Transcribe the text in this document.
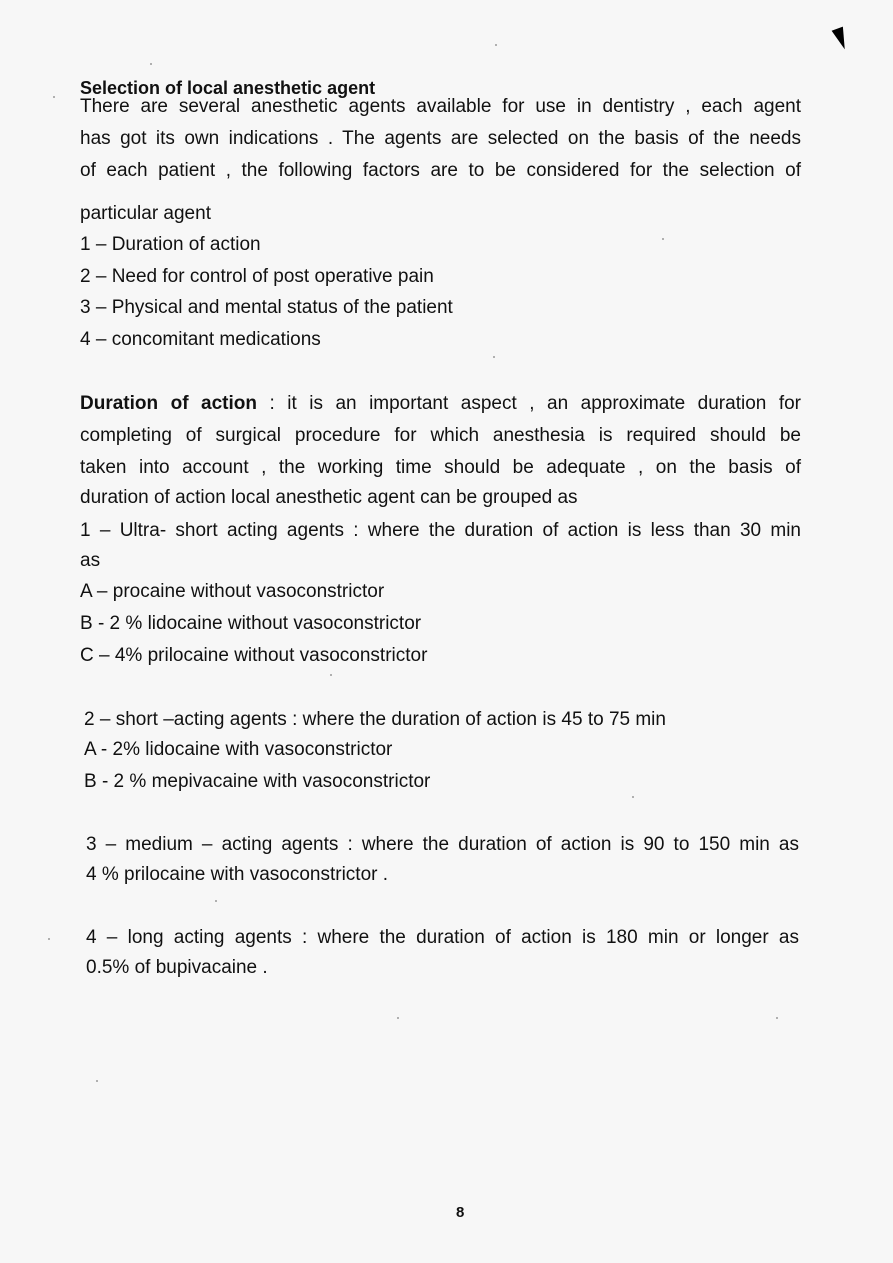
Selection of local anesthetic agent
There are several anesthetic agents available for use in dentistry , each agent
has got its own indications . The agents are selected on the basis of the needs
of each patient , the following factors are to be considered for the selection of
particular agent
1 – Duration of action
2 – Need for control of post operative pain
3 – Physical and mental status of the patient
4 – concomitant medications
Duration of action : it is an important aspect , an approximate duration for
completing of surgical procedure for which anesthesia is required should be
taken into account , the working time should be adequate , on the basis of
duration of action local anesthetic agent can be grouped as
1 – Ultra- short acting agents : where the duration of action is less than 30 min
as
A – procaine without vasoconstrictor
B - 2 % lidocaine without vasoconstrictor
C – 4% prilocaine without vasoconstrictor
2 – short –acting agents : where the duration of action is 45 to 75 min
A - 2% lidocaine with vasoconstrictor
B - 2 % mepivacaine with vasoconstrictor
3 – medium – acting agents : where the duration of action is 90 to 150 min as
4 % prilocaine with vasoconstrictor .
4 – long acting agents : where the duration of action is 180 min or longer as
0.5% of bupivacaine .
8
